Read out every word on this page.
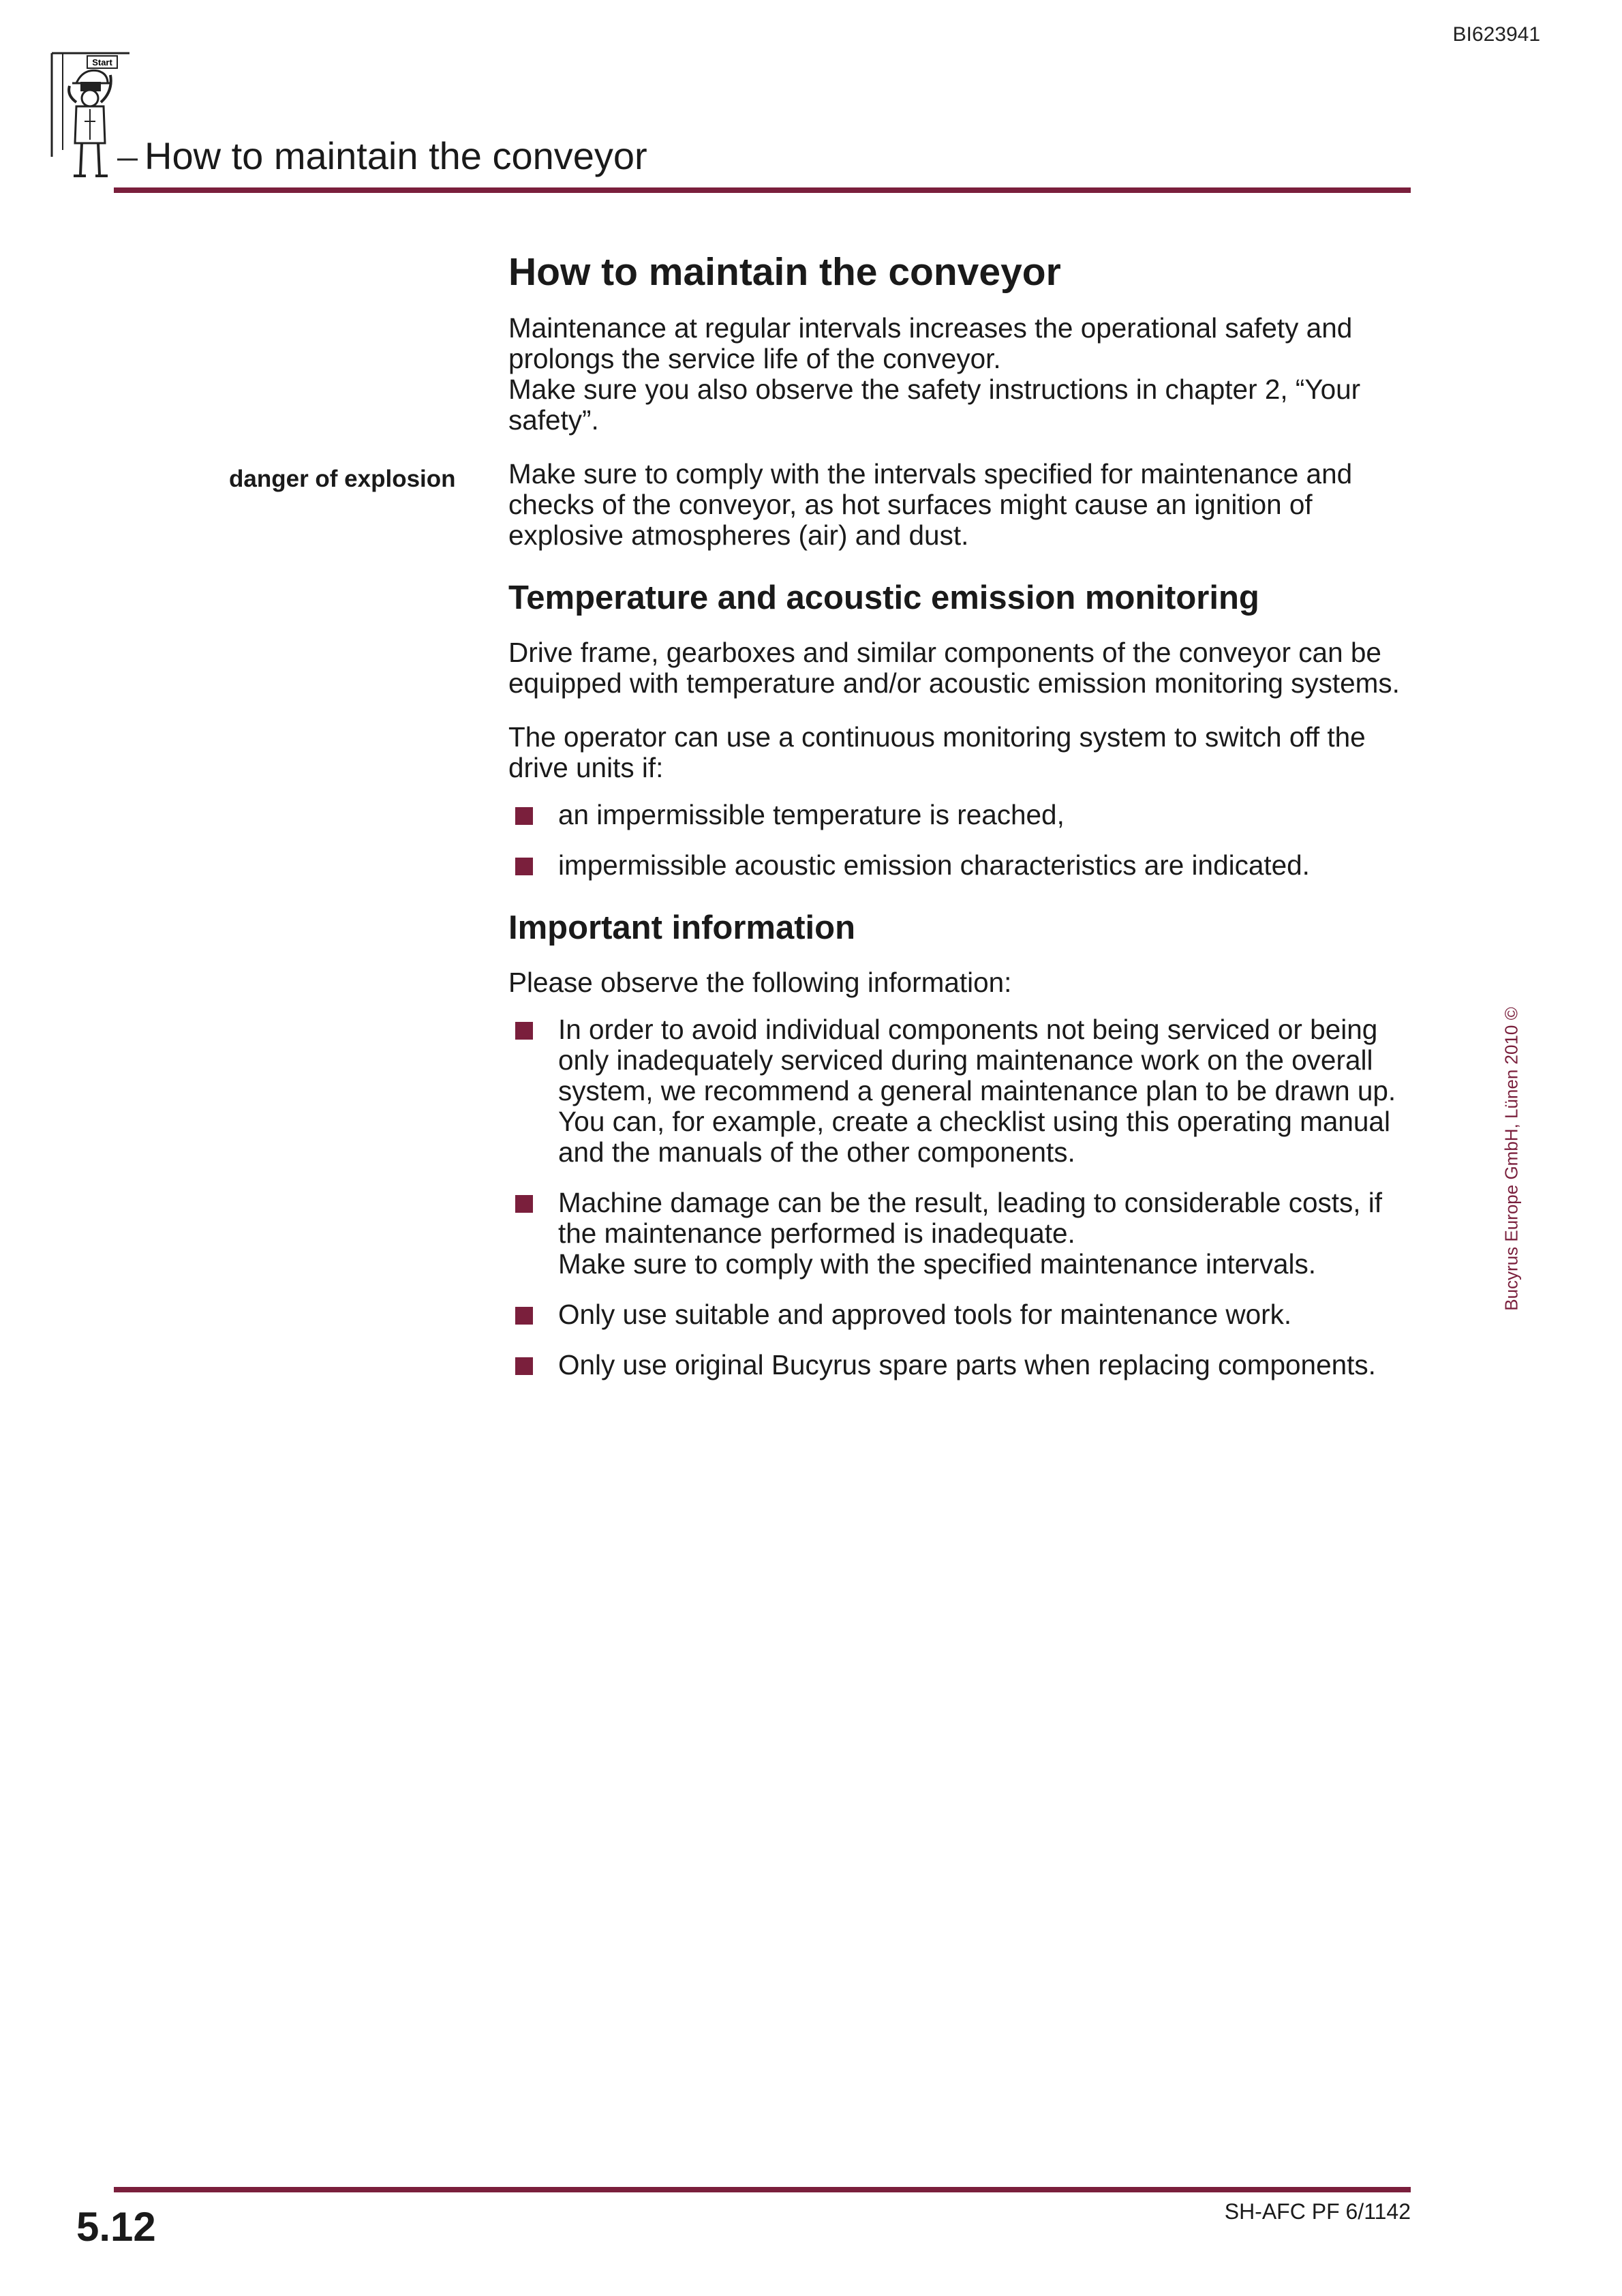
BI623941
Start
How to maintain the conveyor
danger of explosion
How to maintain the conveyor
Maintenance at regular intervals increases the operational safety and prolongs the service life of the conveyor.
Make sure you also observe the safety instructions in chapter 2, “Your safety”.
Make sure to comply with the intervals specified for maintenance and checks of the conveyor, as hot surfaces might cause an ignition of explosive atmospheres (air) and dust.
Temperature and acoustic emission monitoring
Drive frame, gearboxes and similar components of the conveyor can be equipped with temperature and/or acoustic emission monitoring systems.
The operator can use a continuous monitoring system to switch off the drive units if:
an impermissible temperature is reached,
impermissible acoustic emission characteristics are indicated.
Important information
Please observe the following information:
In order to avoid individual components not being serviced or being only inadequately serviced during maintenance work on the overall system, we recommend a general maintenance plan to be drawn up. You can, for example, create a checklist using this operating manual and the manuals of the other components.
Machine damage can be the result, leading to considerable costs, if the maintenance performed is inadequate.
Make sure to comply with the specified maintenance intervals.
Only use suitable and approved tools for maintenance work.
Only use original Bucyrus spare parts when replacing components.
Bucyrus Europe GmbH, Lünen 2010 ©
5.12	SH-AFC PF 6/1142
